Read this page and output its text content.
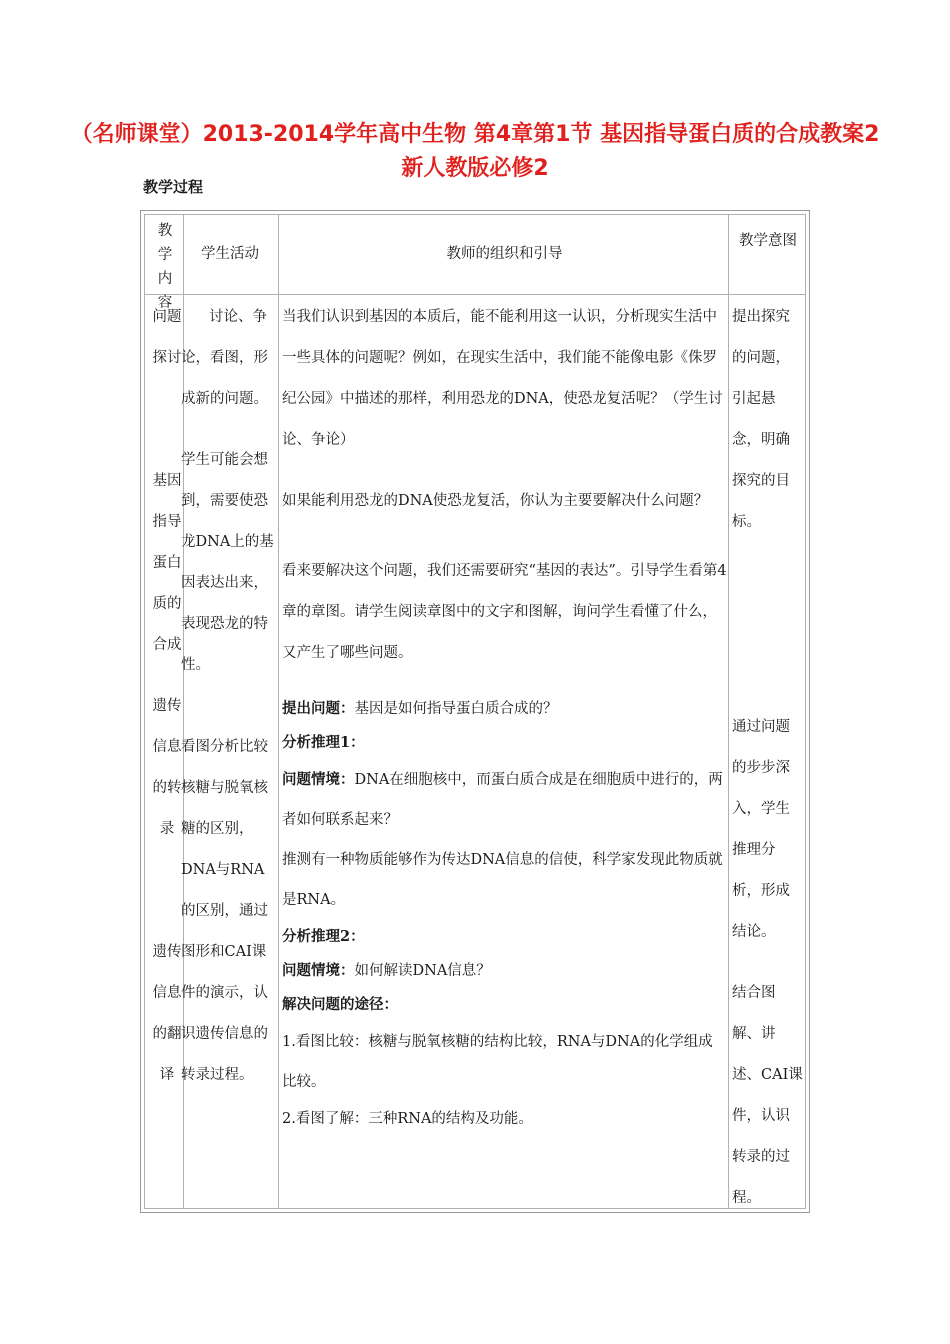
（名师课堂）2013-2014学年高中生物 第4章第1节 基因指导蛋白质的合成教案2 新人教版必修2
教学过程
教学内容
学生活动	教师的组织和引导
教学意图

问题探讨

基因指导蛋白质的合成

遗传信息的转录

遗传信息的翻译

讨论、争论，看图，形成新的问题。

学生可能会想到，需要使恐龙DNA上的基因表达出来，表现恐龙的特性。

看图分析比较核糖与脱氧核糖的区别，DNA与RNA的区别，通过图形和CAI课件的演示，认识遗传信息的转录过程。

当我们认识到基因的本质后，能不能利用这一认识，分析现实生活中一些具体的问题呢？例如，在现实生活中，我们能不能像电影《侏罗纪公园》中描述的那样，利用恐龙的DNA，使恐龙复活呢？（学生讨论、争论）

如果能利用恐龙的DNA使恐龙复活，你认为主要要解决什么问题？

看来要解决这个问题，我们还需要研究“基因的表达”。引导学生看第4章的章图。请学生阅读章图中的文字和图解，询问学生看懂了什么，又产生了哪些问题。

提出问题：基因是如何指导蛋白质合成的？

分析推理1：

问题情境：DNA在细胞核中，而蛋白质合成是在细胞质中进行的，两者如何联系起来？

推测有一种物质能够作为传达DNA信息的信使，科学家发现此物质就是RNA。

分析推理2：

问题情境：如何解读DNA信息？

解决问题的途径：

1.看图比较：核糖与脱氧核糖的结构比较，RNA与DNA的化学组成比较。

2.看图了解：三种RNA的结构及功能。

提出探究的问题，引起悬念，明确探究的目标。

通过问题的步步深入，学生推理分析，形成结论。

结合图解、讲述、CAI课件，认识转录的过程。
